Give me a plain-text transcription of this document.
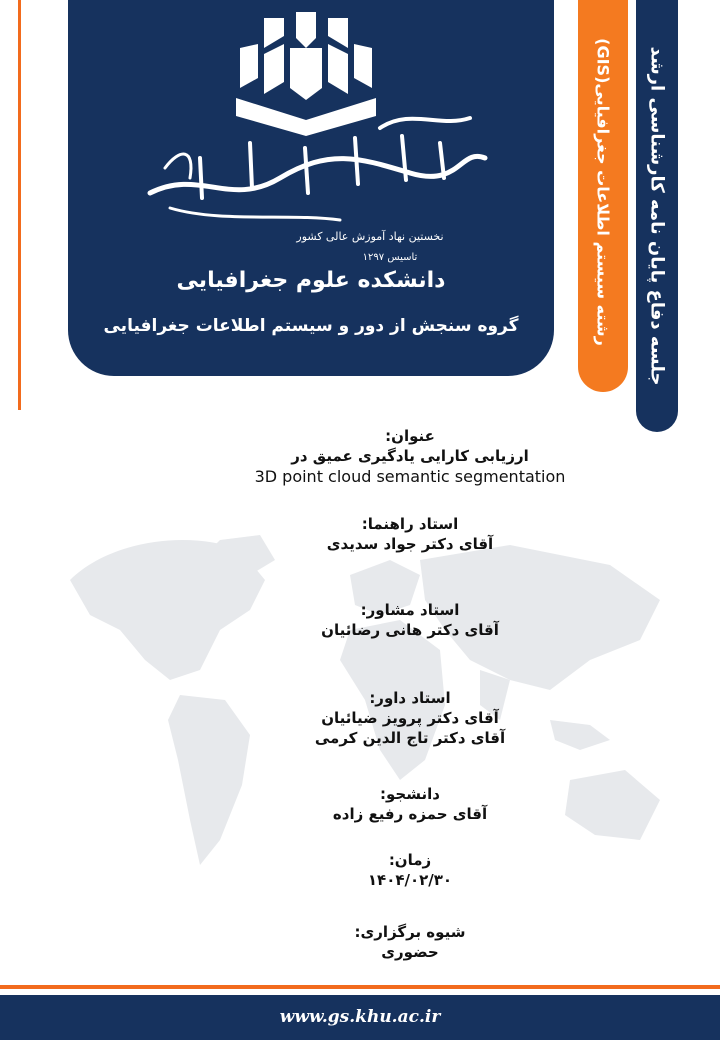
نخستین نهاد آموزش عالی کشور
تاسیس ۱۲۹۷
دانشکده علوم جغرافیایی
گروه سنجش از دور و سیستم اطلاعات جغرافیایی
رشته سیستم اطلاعات جغرافیایی(GIS) جلسه دفاع پایان نامه کارشناسی ارشد
عنوان:
ارزیابی کارایی یادگیری عمیق در
3D point cloud semantic segmentation
استاد راهنما:
آقای دکتر جواد سدیدی
استاد مشاور:
آقای دکتر هانی رضائیان
استاد داور:
آقای دکتر پرویز ضیائیان
آقای دکتر تاج الدین کرمی
دانشجو:
آقای حمزه رفیع زاده
زمان:
۱۴۰۴/۰۲/۳۰
شیوه برگزاری:
حضوری
www.gs.khu.ac.ir
